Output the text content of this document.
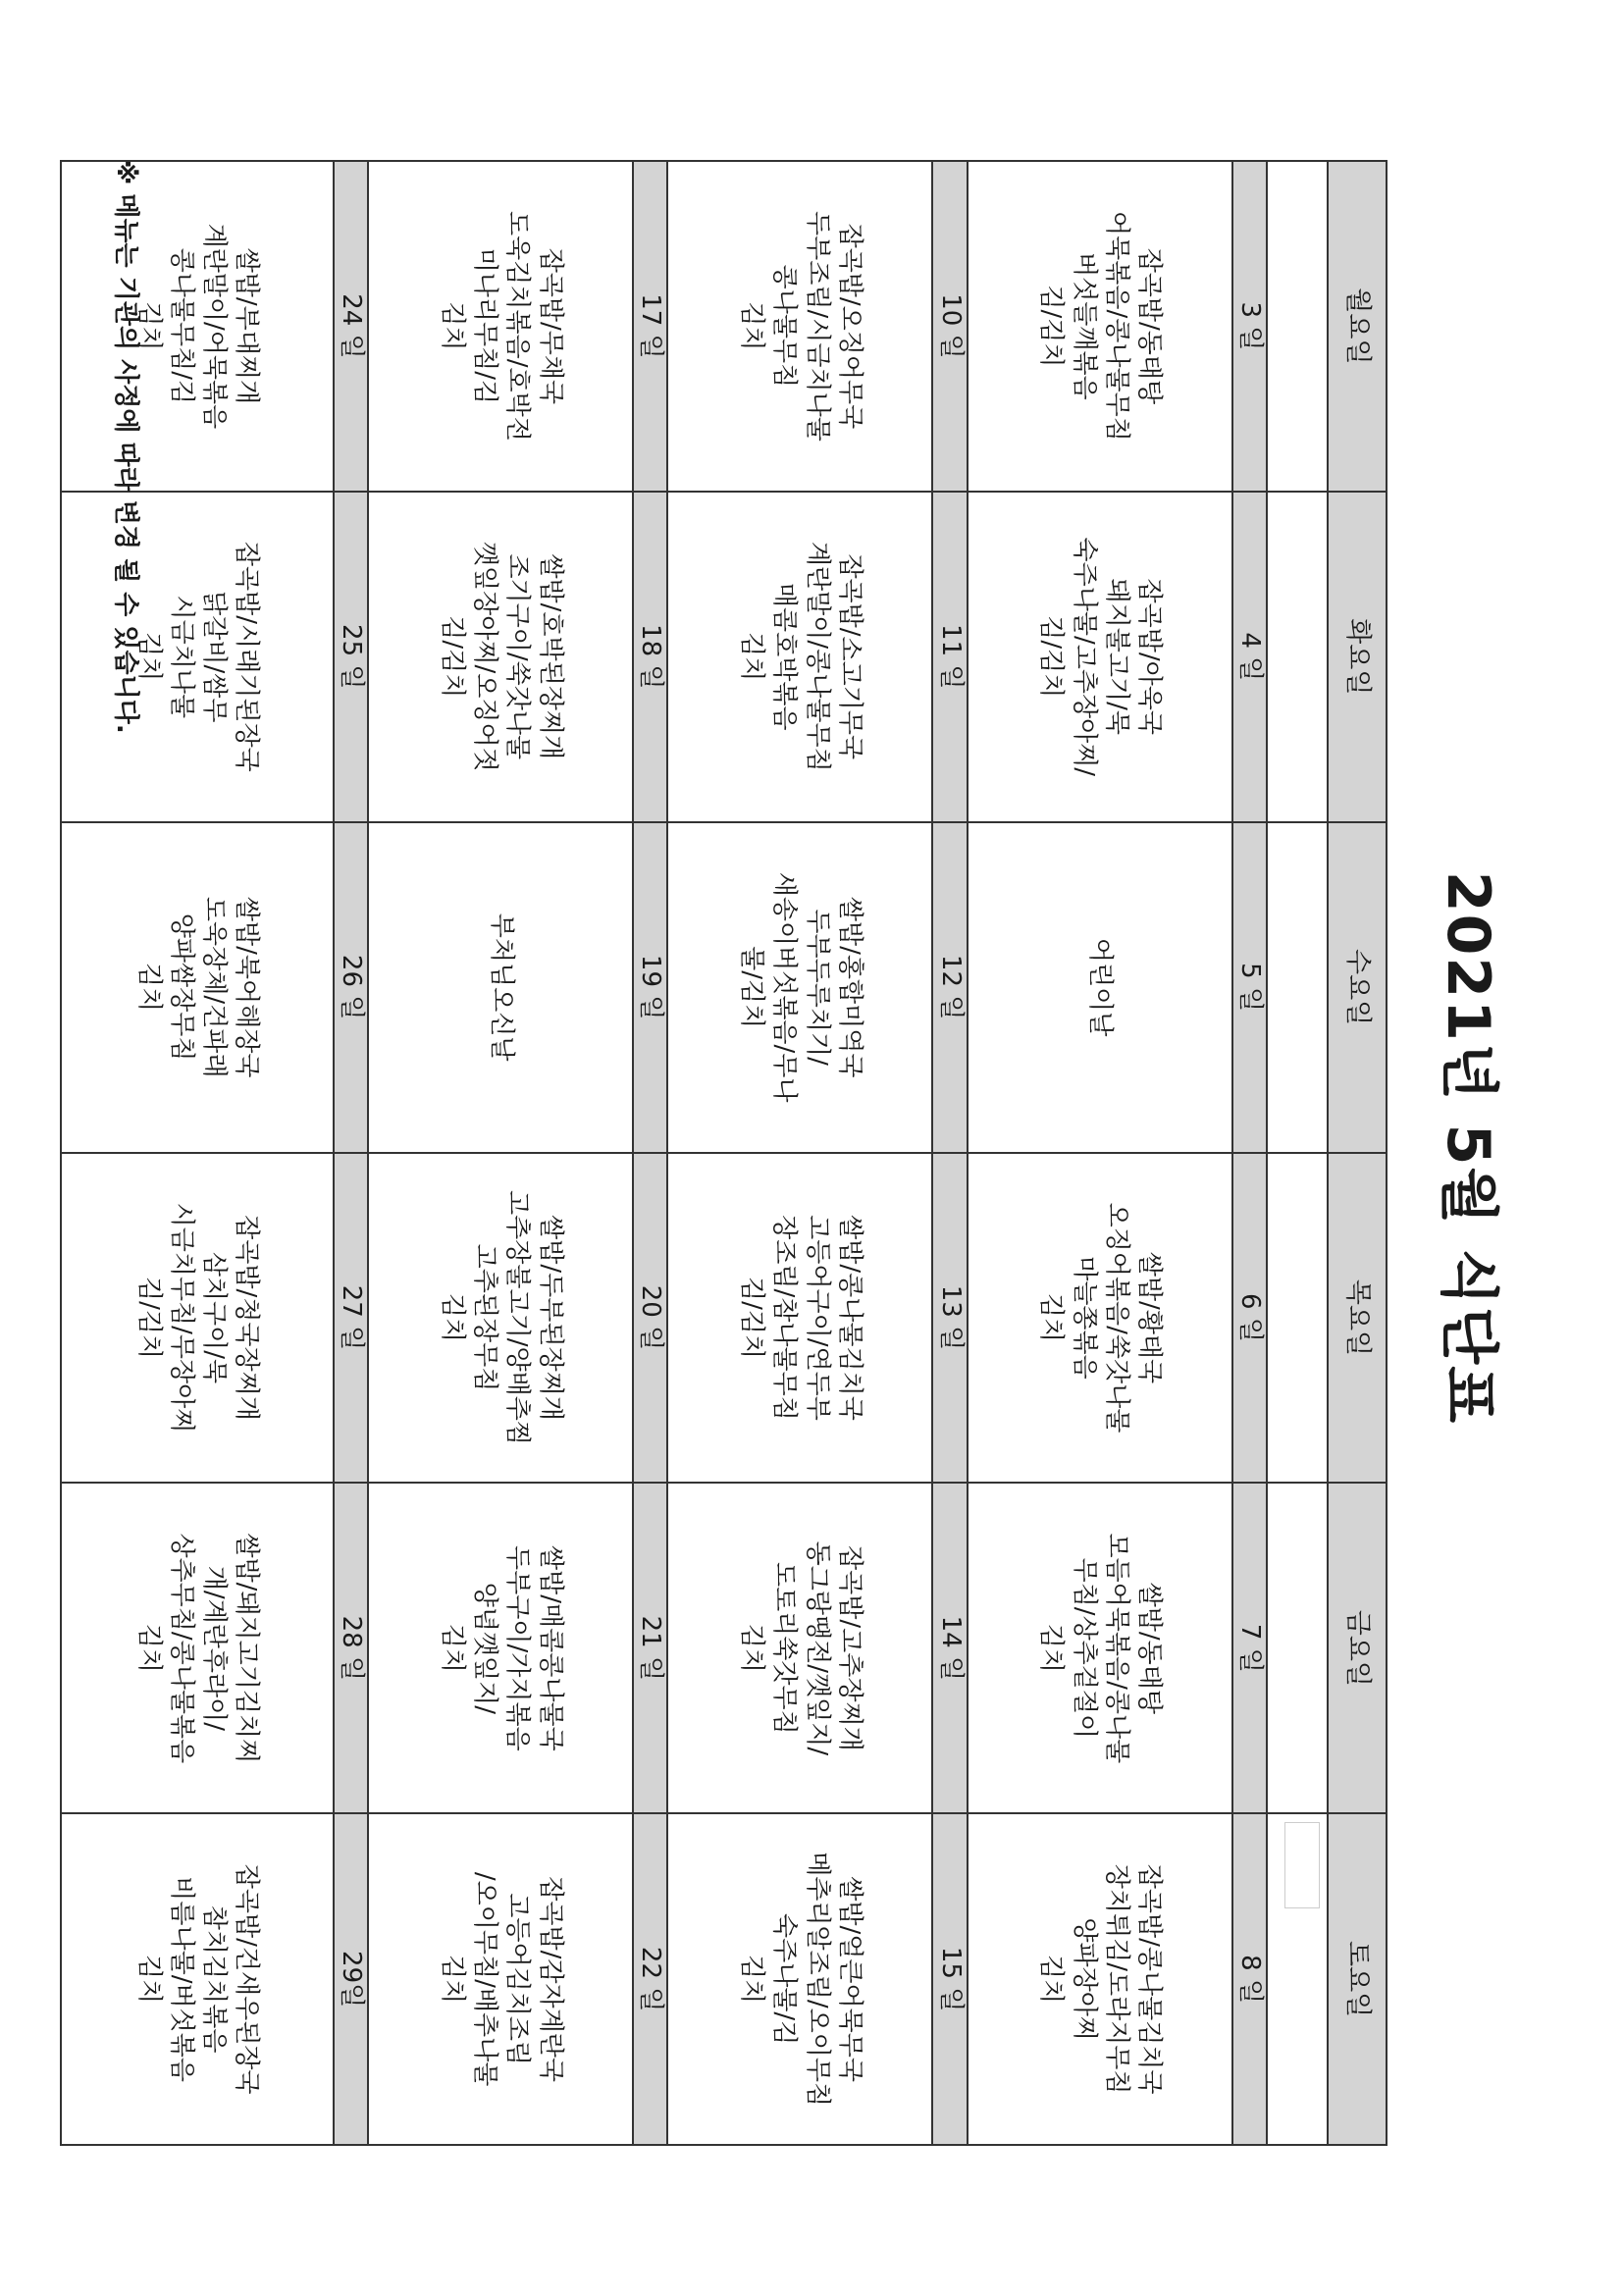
2021년 5월 식단표
월요일	화요일	수요일	목요일	금요일	토요일

3 일	4 일	5 일	6 일	7 일	8 일

잡곡밥/동태탕
어묵볶음/콩나물무침
버섯들깨볶음
김/김치	잡곡밥/아욱국
돼지불고기/묵
숙주나물/고추장아찌/
김/김치	어린이날	쌀밥/황태국
오징어볶음/쑥갓나물
마늘쫑볶음
김치	쌀밥/동태탕
모듬어묵볶음/콩나물
무침/상추겉절이
김치	잡곡밥/콩나물김치국
장치튀김/도라지무침
양파장아찌
김치

10 일	11 일	12 일	13 일	14 일	15 일

잡곡밥/오징어무국
두부조림/시금치나물
콩나물무침
김치	잡곡밥/소고기무국
계란말이/콩나물무침
매콤호박볶음
김치	쌀밥/홍합미역국
두부두루치기/
새송이버섯볶음/무나
물/김치	쌀밥/콩나물김치국
고등어구이/연두부
장조림/참나물무침
김/김치	잡곡밥/고추장찌개
동그랑땡전/깻잎지/
도토리쑥갓무침
김치	쌀밥/얼큰어묵무국
메추리알조림/오이무침
숙주나물/김
김치

17 일	18 일	19 일	20 일	21 일	22 일

잡곡밥/무채국
도욱김치볶음/호박전
미나리무침/김
김치	쌀밥/호박된장찌개
조기구이/쑥갓나물
깻잎장아찌/오징어젓
김/김치	부처님오신날	쌀밥/두부된장찌개
고추장불고기/양배추찜
고추된장무침
김치	쌀밥/매콤콩나물국
두부구이/가지볶음
양념깻잎지/
김치	잡곡밥/감자계란국
고등어김치조림
/오이무침/배추나물
김치

24 일	25 일	26 일	27 일	28 일	29일

쌀밥/부대찌개
계란말이/어묵볶음
콩나물무침/김
김치	잡곡밥/시래기된장국
닭갈비/쌈무
시금치나물
김치	쌀밥/북어해장국
도욱장체/건파래
양파쌈장무침
김치	잡곡밥/청국장찌개
삼치구이/묵
시금치무침/무장아찌
김/김치	쌀밥/돼지고기김치찌
개/계란후라이/
상추무침/콩나물볶음
김치	잡곡밥/건새우된장국
참치김치볶음
비름나물/버섯볶음
김치
※ 메뉴는 기관의 사정에 따라 변경 될 수 있습니다.
